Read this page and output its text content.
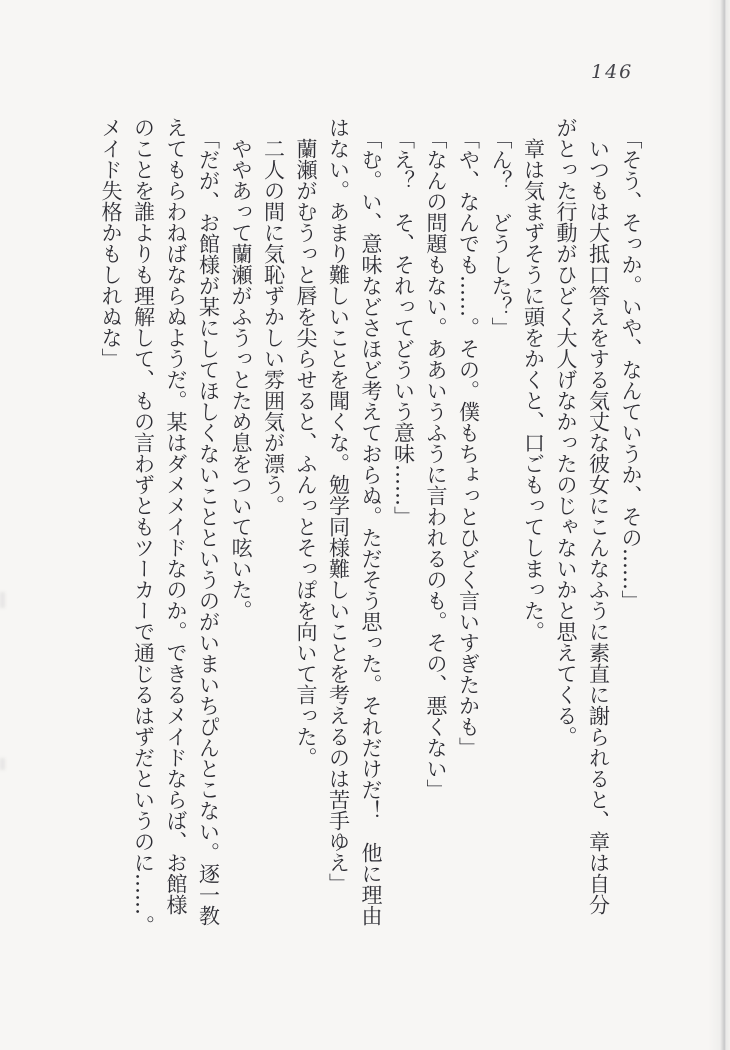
146
「そう、そっか。いや、なんていうか、その……」
いつもは大抵口答えをする気丈な彼女にこんなふうに素直に謝られると、章は自分
がとった行動がひどく大人げなかったのじゃないかと思えてくる。
章は気まずそうに頭をかくと、口ごもってしまった。
「ん？　どうした？」
「や、なんでも……。その。僕もちょっとひどく言いすぎたかも」
「なんの問題もない。ああいうふうに言われるのも。その、悪くない」
「え？　そ、それってどういう意味……」
「む。い、意味などさほど考えておらぬ。ただそう思った。それだけだ！　他に理由
はない。あまり難しいことを聞くな。勉学同様難しいことを考えるのは苦手ゆえ」
蘭瀬がむうっと唇を尖らせると、ふんっとそっぽを向いて言った。
二人の間に気恥ずかしい雰囲気が漂う。
ややあって蘭瀬がふうっとため息をついて呟いた。
「だが、お館様が某にしてほしくないことというのがいまいちぴんとこない。逐一教
えてもらわねばならぬようだ。某はダメメイドなのか。できるメイドならば、お館様
のことを誰よりも理解して、もの言わずともツーカーで通じるはずだというのに……。
メイド失格かもしれぬな」
